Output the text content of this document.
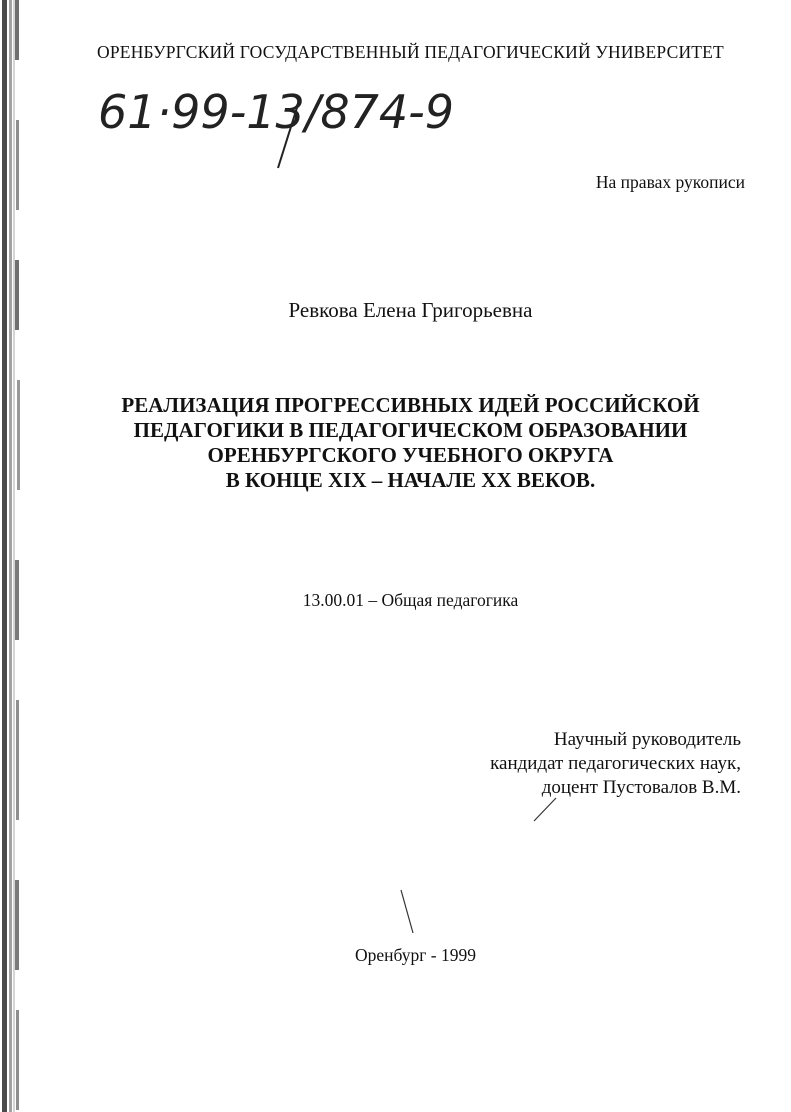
ОРЕНБУРГСКИЙ ГОСУДАРСТВЕННЫЙ ПЕДАГОГИЧЕСКИЙ УНИВЕРСИТЕТ
61·99-13/874-9
На правах рукописи
Ревкова Елена Григорьевна
РЕАЛИЗАЦИЯ ПРОГРЕССИВНЫХ ИДЕЙ РОССИЙСКОЙ
ПЕДАГОГИКИ В ПЕДАГОГИЧЕСКОМ ОБРАЗОВАНИИ
ОРЕНБУРГСКОГО УЧЕБНОГО ОКРУГА
В КОНЦЕ XIX – НАЧАЛЕ XX ВЕКОВ.
13.00.01 – Общая педагогика
Научный руководитель
кандидат педагогических наук,
доцент Пустовалов В.М.
Оренбург - 1999
